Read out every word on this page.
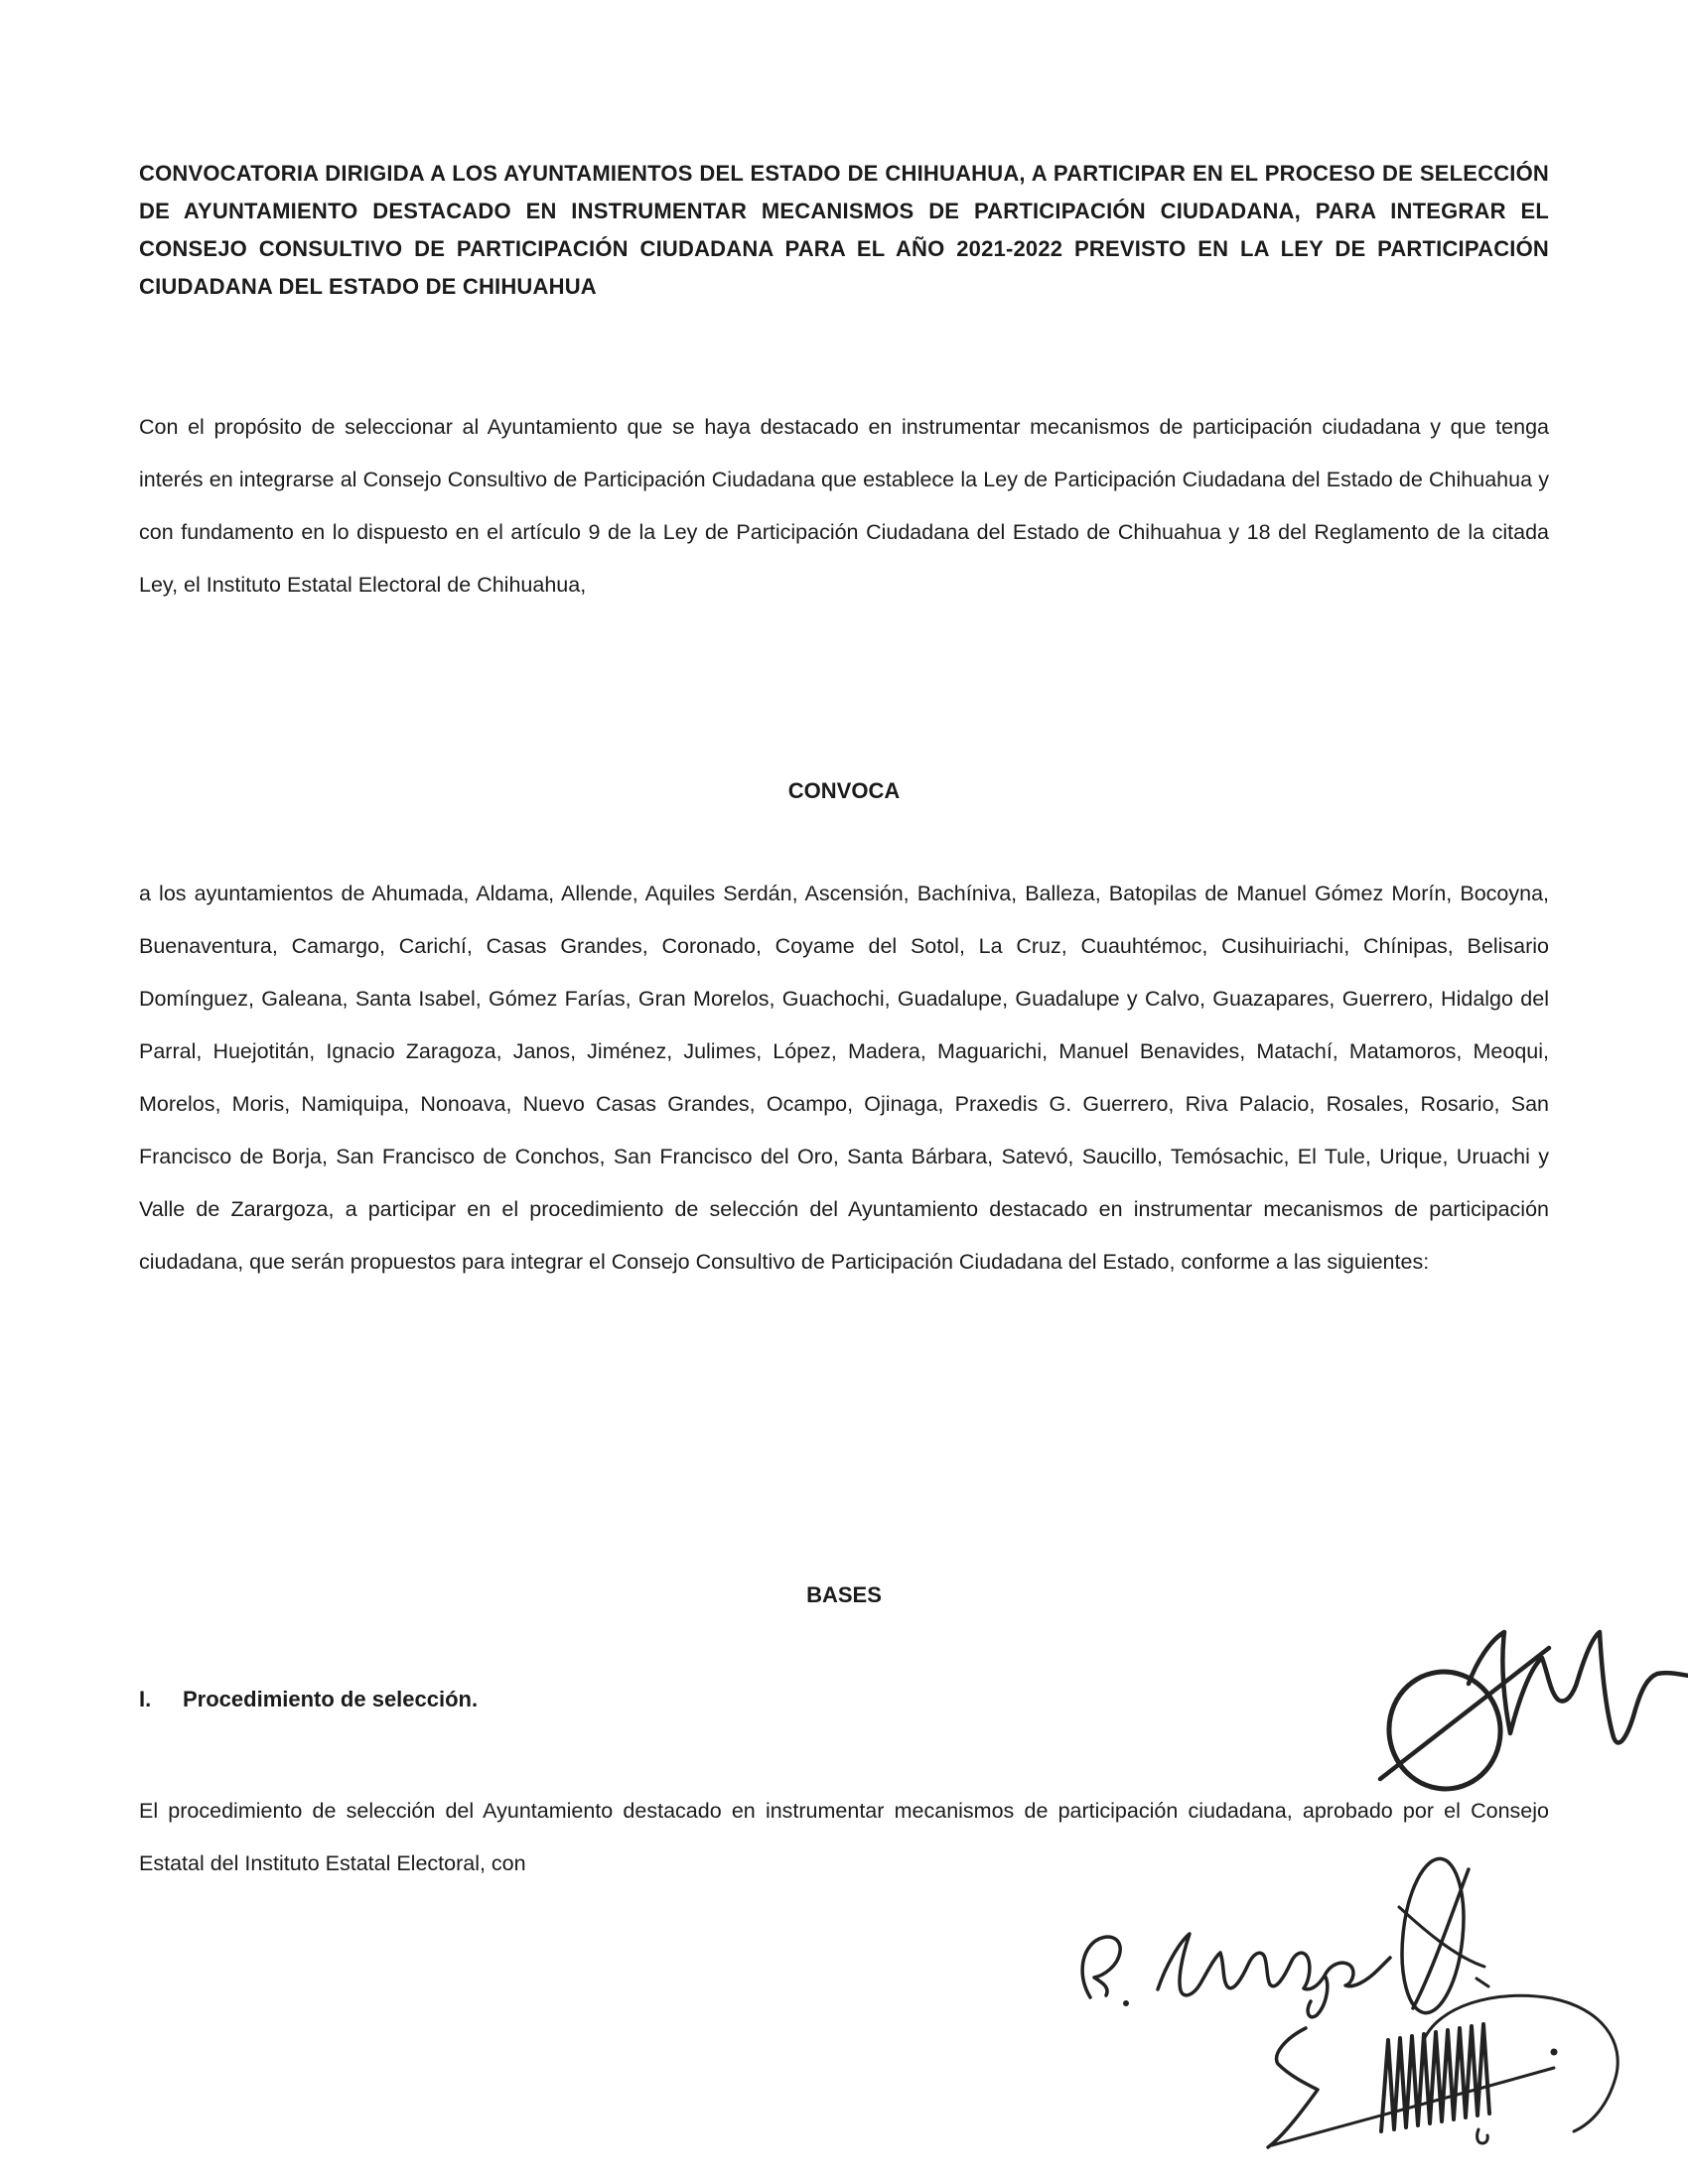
CONVOCATORIA DIRIGIDA A LOS AYUNTAMIENTOS DEL ESTADO DE CHIHUAHUA, A PARTICIPAR EN EL PROCESO DE SELECCIÓN DE AYUNTAMIENTO DESTACADO EN INSTRUMENTAR MECANISMOS DE PARTICIPACIÓN CIUDADANA, PARA INTEGRAR EL CONSEJO CONSULTIVO DE PARTICIPACIÓN CIUDADANA PARA EL AÑO 2021-2022 PREVISTO EN LA LEY DE PARTICIPACIÓN CIUDADANA DEL ESTADO DE CHIHUAHUA

Con el propósito de seleccionar al Ayuntamiento que se haya destacado en instrumentar mecanismos de participación ciudadana y que tenga interés en integrarse al Consejo Consultivo de Participación Ciudadana que establece la Ley de Participación Ciudadana del Estado de Chihuahua y con fundamento en lo dispuesto en el artículo 9 de la Ley de Participación Ciudadana del Estado de Chihuahua y 18 del Reglamento de la citada Ley, el Instituto Estatal Electoral de Chihuahua,

CONVOCA

a los ayuntamientos de Ahumada, Aldama, Allende, Aquiles Serdán, Ascensión, Bachíniva, Balleza, Batopilas de Manuel Gómez Morín, Bocoyna, Buenaventura, Camargo, Carichí, Casas Grandes, Coronado, Coyame del Sotol, La Cruz, Cuauhtémoc, Cusihuiriachi, Chínipas, Belisario Domínguez, Galeana, Santa Isabel, Gómez Farías, Gran Morelos, Guachochi, Guadalupe, Guadalupe y Calvo, Guazapares, Guerrero, Hidalgo del Parral, Huejotitán, Ignacio Zaragoza, Janos, Jiménez, Julimes, López, Madera, Maguarichi, Manuel Benavides, Matachí, Matamoros, Meoqui, Morelos, Moris, Namiquipa, Nonoava, Nuevo Casas Grandes, Ocampo, Ojinaga, Praxedis G. Guerrero, Riva Palacio, Rosales, Rosario, San Francisco de Borja, San Francisco de Conchos, San Francisco del Oro, Santa Bárbara, Satevó, Saucillo, Temósachic, El Tule, Urique, Uruachi y Valle de Zarargoza, a participar en el procedimiento de selección del Ayuntamiento destacado en instrumentar mecanismos de participación ciudadana, que serán propuestos para integrar el Consejo Consultivo de Participación Ciudadana del Estado, conforme a las siguientes:

BASES
I. Procedimiento de selección.

El procedimiento de selección del Ayuntamiento destacado en instrumentar mecanismos de participación ciudadana, aprobado por el Consejo Estatal del Instituto Estatal Electoral, con
